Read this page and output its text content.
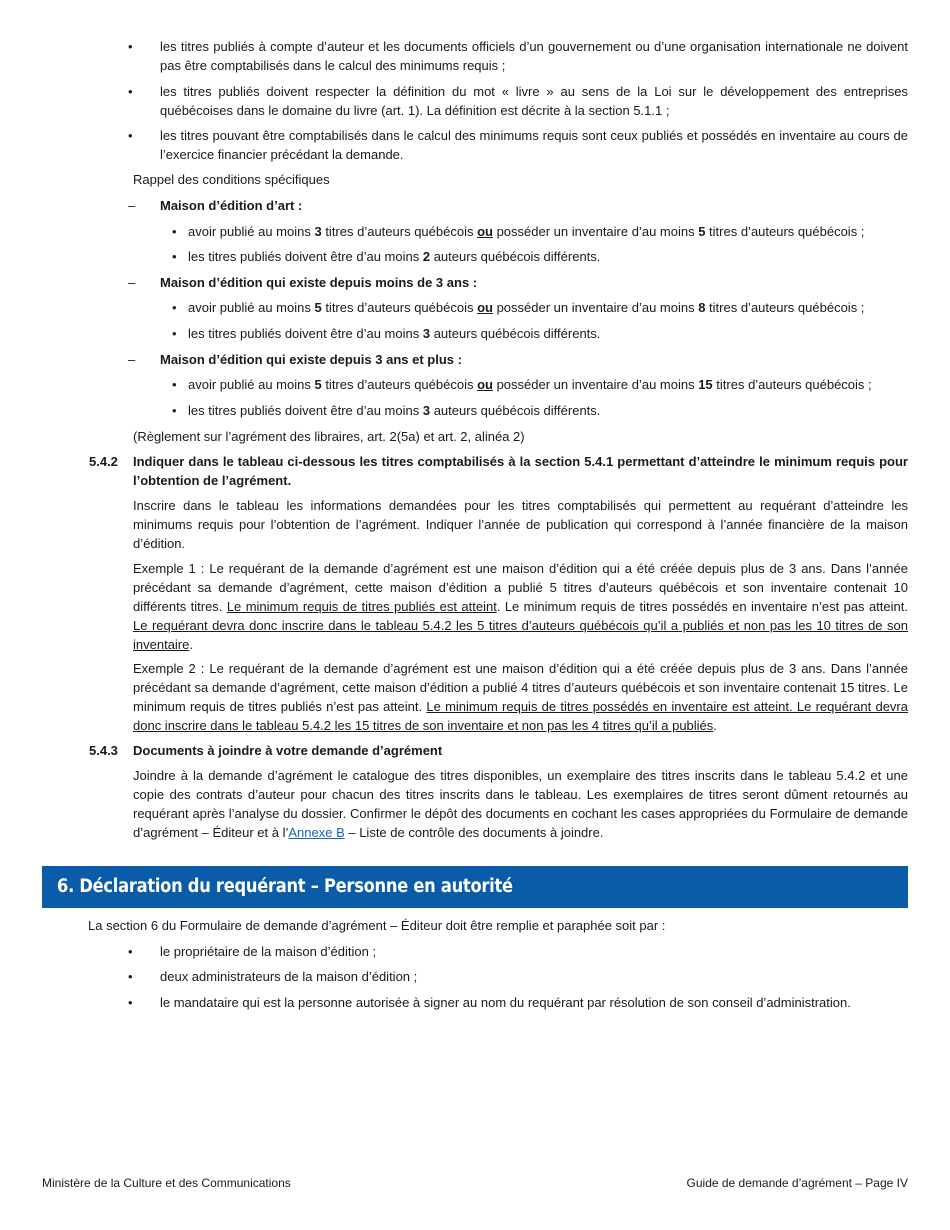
•	les titres publiés à compte d’auteur et les documents officiels d’un gouvernement ou d’une organisation internationale ne doivent pas être comptabilisés dans le calcul des minimums requis ;
•	les titres publiés doivent respecter la définition du mot « livre » au sens de la Loi sur le développement des entreprises québécoises dans le domaine du livre (art. 1). La définition est décrite à la section 5.1.1 ;
•	les titres pouvant être comptabilisés dans le calcul des minimums requis sont ceux publiés et possédés en inventaire au cours de l’exercice financier précédant la demande.
Rappel des conditions spécifiques
– Maison d’édition d’art :
• avoir publié au moins 3 titres d’auteurs québécois ou posséder un inventaire d’au moins 5 titres d’auteurs québécois ;
• les titres publiés doivent être d’au moins 2 auteurs québécois différents.
– Maison d’édition qui existe depuis moins de 3 ans :
• avoir publié au moins 5 titres d’auteurs québécois ou posséder un inventaire d’au moins 8 titres d’auteurs québécois ;
• les titres publiés doivent être d’au moins 3 auteurs québécois différents.
– Maison d’édition qui existe depuis 3 ans et plus :
• avoir publié au moins 5 titres d’auteurs québécois ou posséder un inventaire d’au moins 15 titres d’auteurs québécois ;
• les titres publiés doivent être d’au moins 3 auteurs québécois différents.
(Règlement sur l’agrément des libraires, art. 2(5a) et art. 2, alinéa 2)
5.4.2 Indiquer dans le tableau ci-dessous les titres comptabilisés à la section 5.4.1 permettant d’atteindre le minimum requis pour l’obtention de l’agrément.
Inscrire dans le tableau les informations demandées pour les titres comptabilisés qui permettent au requérant d’atteindre les minimums requis pour l’obtention de l’agrément. Indiquer l’année de publication qui correspond à l’année financière de la maison d’édition.
Exemple 1 : Le requérant de la demande d’agrément est une maison d’édition qui a été créée depuis plus de 3 ans. Dans l’année précédant sa demande d’agrément, cette maison d’édition a publié 5 titres d’auteurs québécois et son inventaire contenait 10 différents titres. Le minimum requis de titres publiés est atteint. Le minimum requis de titres possédés en inventaire n’est pas atteint. Le requérant devra donc inscrire dans le tableau 5.4.2 les 5 titres d’auteurs québécois qu’il a publiés et non pas les 10 titres de son inventaire.
Exemple 2 : Le requérant de la demande d’agrément est une maison d’édition qui a été créée depuis plus de 3 ans. Dans l’année précédant sa demande d’agrément, cette maison d’édition a publié 4 titres d’auteurs québécois et son inventaire contenait 15 titres. Le minimum requis de titres publiés n’est pas atteint. Le minimum requis de titres possédés en inventaire est atteint. Le requérant devra donc inscrire dans le tableau 5.4.2 les 15 titres de son inventaire et non pas les 4 titres qu’il a publiés.
5.4.3 Documents à joindre à votre demande d’agrément
Joindre à la demande d’agrément le catalogue des titres disponibles, un exemplaire des titres inscrits dans le tableau 5.4.2 et une copie des contrats d’auteur pour chacun des titres inscrits dans le tableau. Les exemplaires de titres seront dûment retournés au requérant après l’analyse du dossier. Confirmer le dépôt des documents en cochant les cases appropriées du Formulaire de demande d’agrément – Éditeur et à l’Annexe B – Liste de contrôle des documents à joindre.
6. Déclaration du requérant – Personne en autorité
La section 6 du Formulaire de demande d’agrément – Éditeur doit être remplie et paraphée soit par :
•	le propriétaire de la maison d’édition ;
•	deux administrateurs de la maison d’édition ;
•	le mandataire qui est la personne autorisée à signer au nom du requérant par résolution de son conseil d’administration.
Ministère de la Culture et des Communications	Guide de demande d’agrément – Page IV
